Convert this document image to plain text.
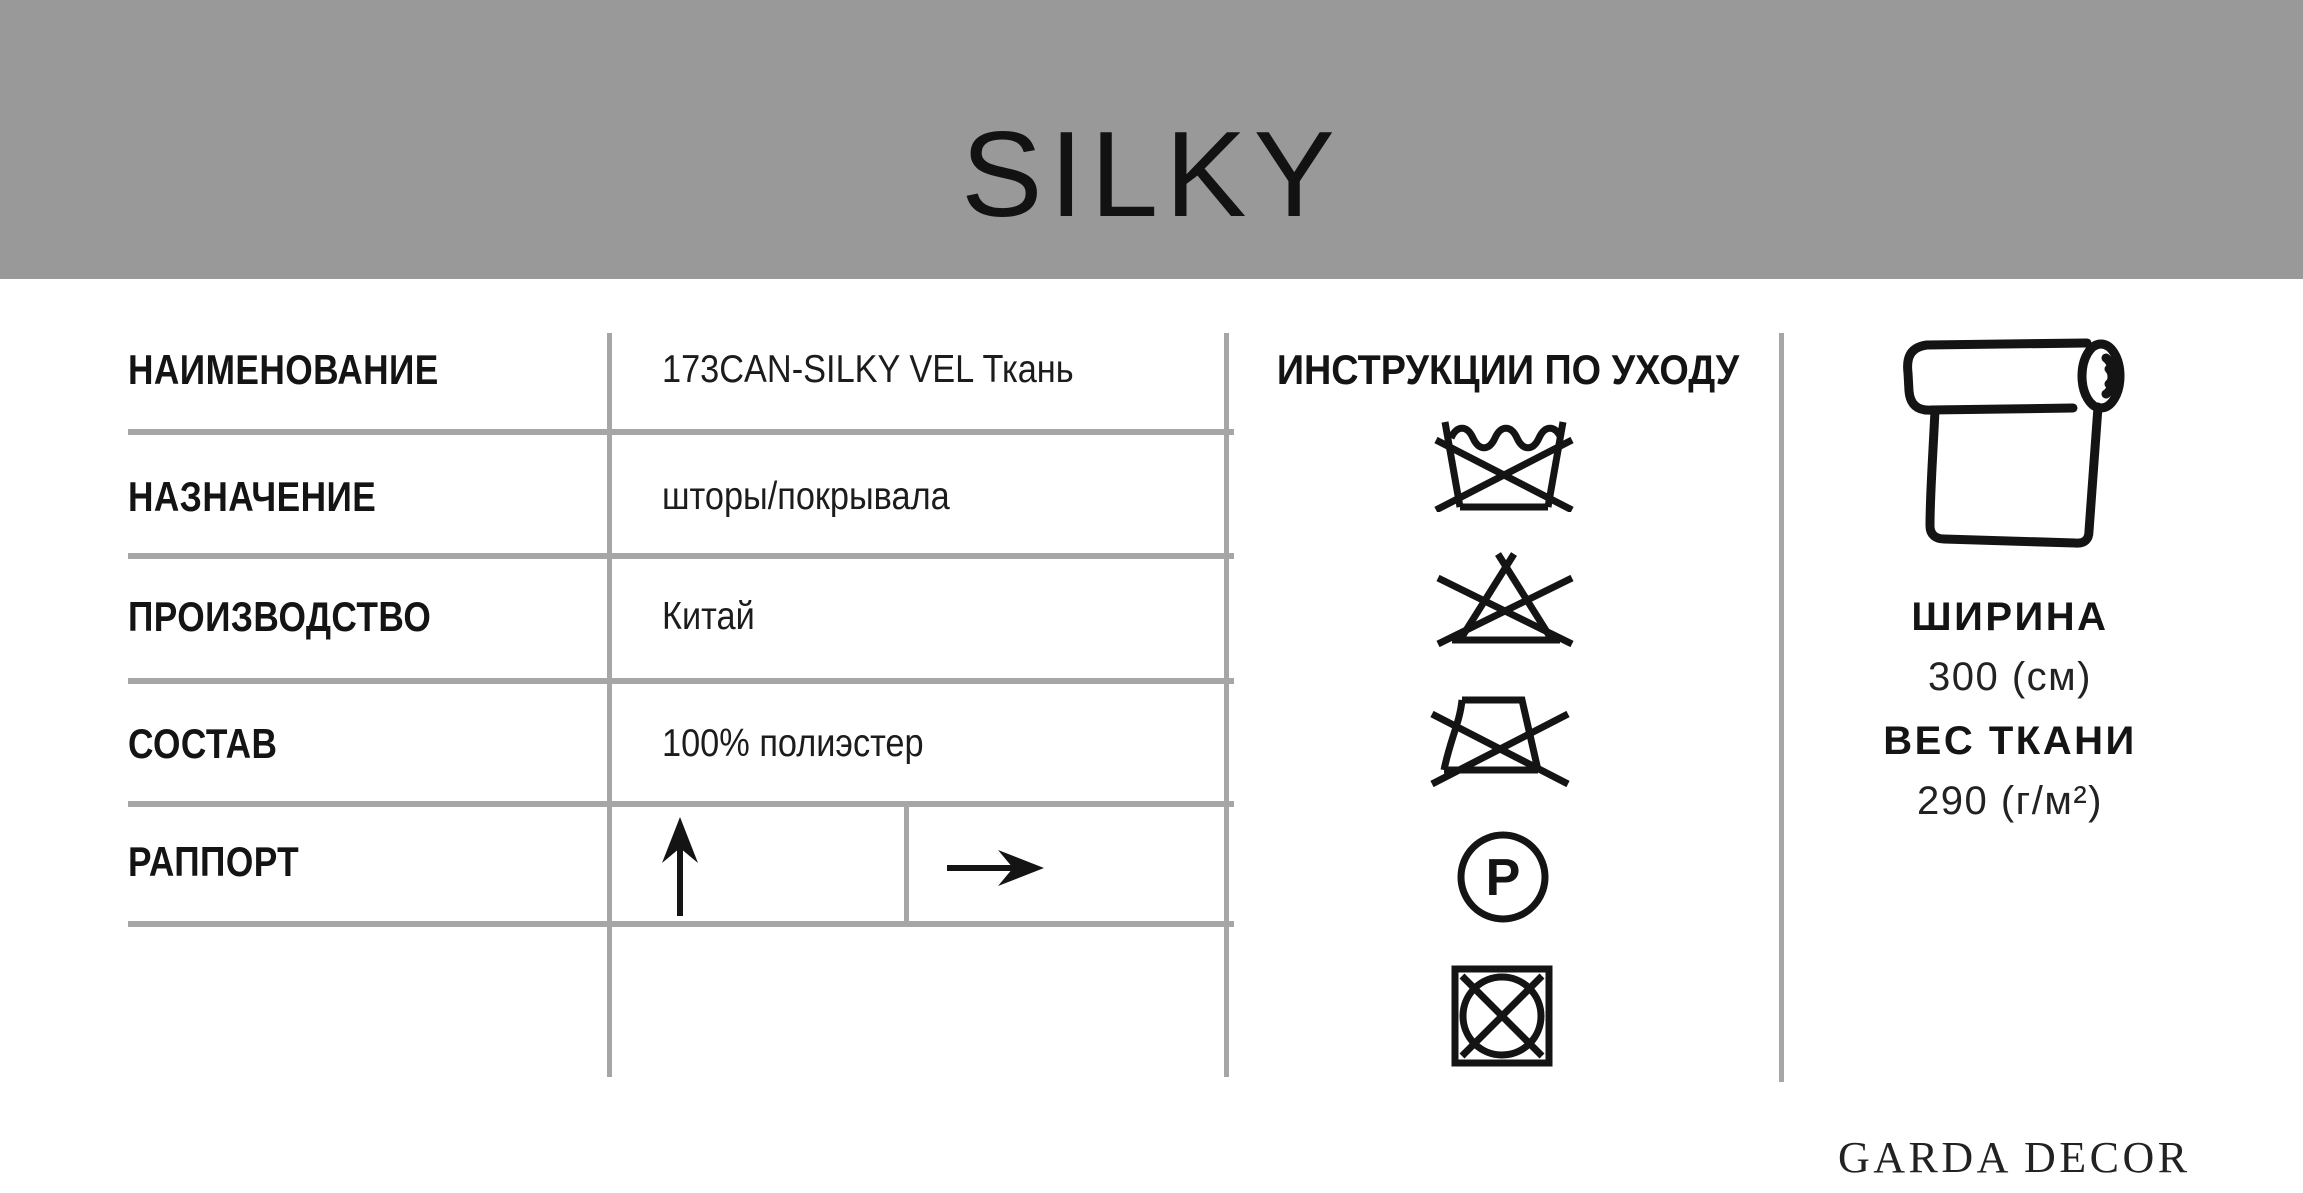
SILKY
НАИМЕНОВАНИЕ
НАЗНАЧЕНИЕ
ПРОИЗВОДСТВО
СОСТАВ
РАППОРТ
173CAN-SILKY VEL Ткань
шторы/покрывала
Китай
100% полиэстер
ИНСТРУКЦИИ ПО УХОДУ
P
ШИРИНА
300 (см)
ВЕС ТКАНИ
290 (г/м²)
GARDA DECOR
